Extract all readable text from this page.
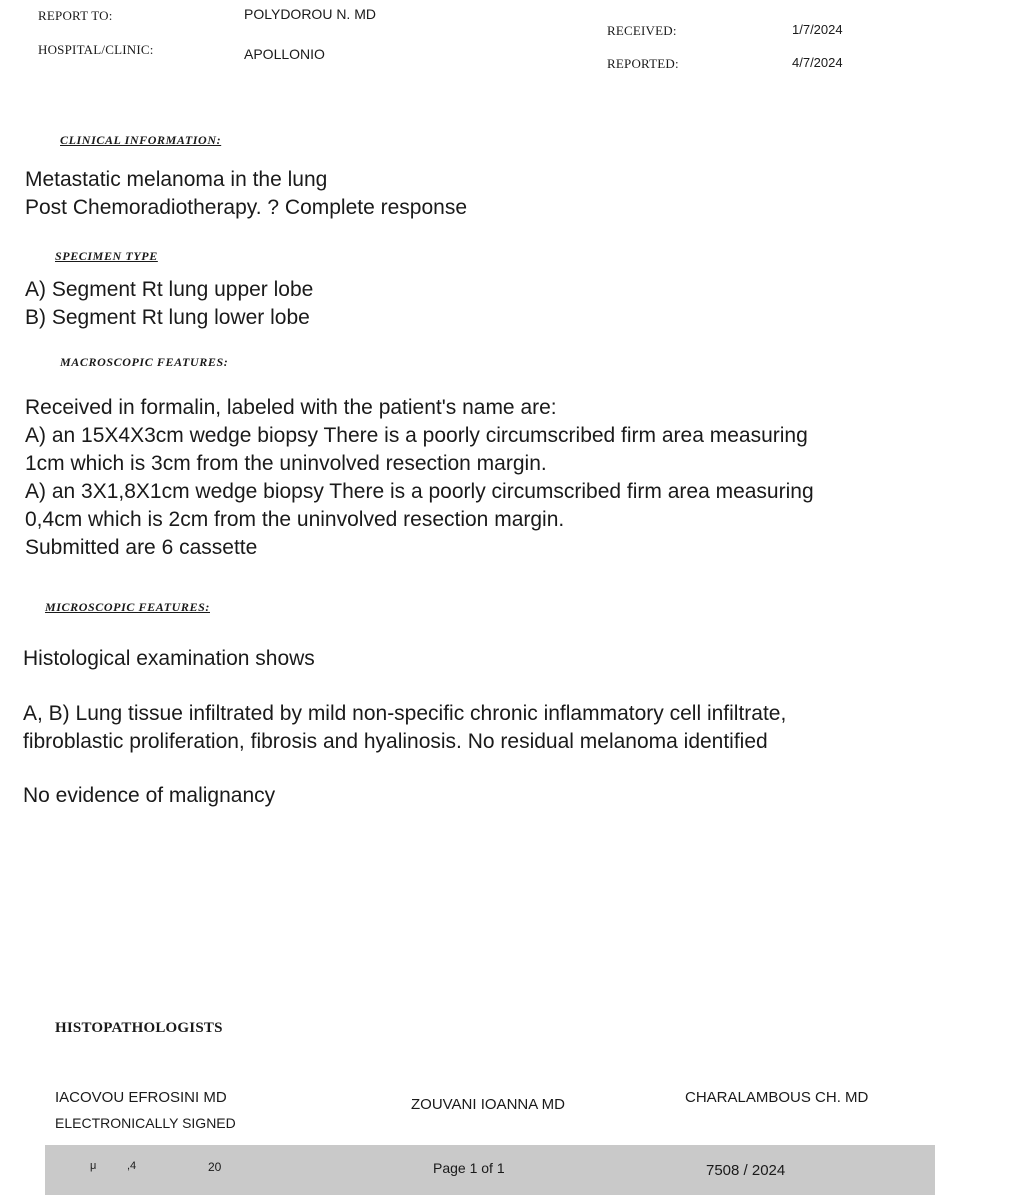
REPORT TO:	POLYDOROU N. MD
HOSPITAL/CLINIC:	APOLLONIO
RECEIVED:	1/7/2024
REPORTED:	4/7/2024
CLINICAL INFORMATION:
Metastatic melanoma in the lung
Post Chemoradiotherapy. ? Complete response
SPECIMEN TYPE
A) Segment Rt lung upper lobe
B) Segment Rt lung lower lobe
MACROSCOPIC FEATURES:
Received in formalin, labeled with the patient's name are:
A) an 15X4X3cm wedge biopsy There is a poorly circumscribed firm area measuring
1cm which is 3cm from the uninvolved resection margin.
A) an 3X1,8X1cm wedge biopsy There is a poorly circumscribed firm area measuring
0,4cm which is 2cm from the uninvolved resection margin.
Submitted are 6 cassette
MICROSCOPIC FEATURES:
Histological examination shows
A, B) Lung tissue infiltrated by mild non-specific chronic inflammatory cell infiltrate,
fibroblastic proliferation, fibrosis and hyalinosis. No residual melanoma identified
No evidence of malignancy
HISTOPATHOLOGISTS
IACOVOU EFROSINI MD
ELECTRONICALLY SIGNED
ZOUVANI IOANNA MD	CHARALAMBOUS CH. MD
μ	,4	20	Page 1 of 1	7508 / 2024
